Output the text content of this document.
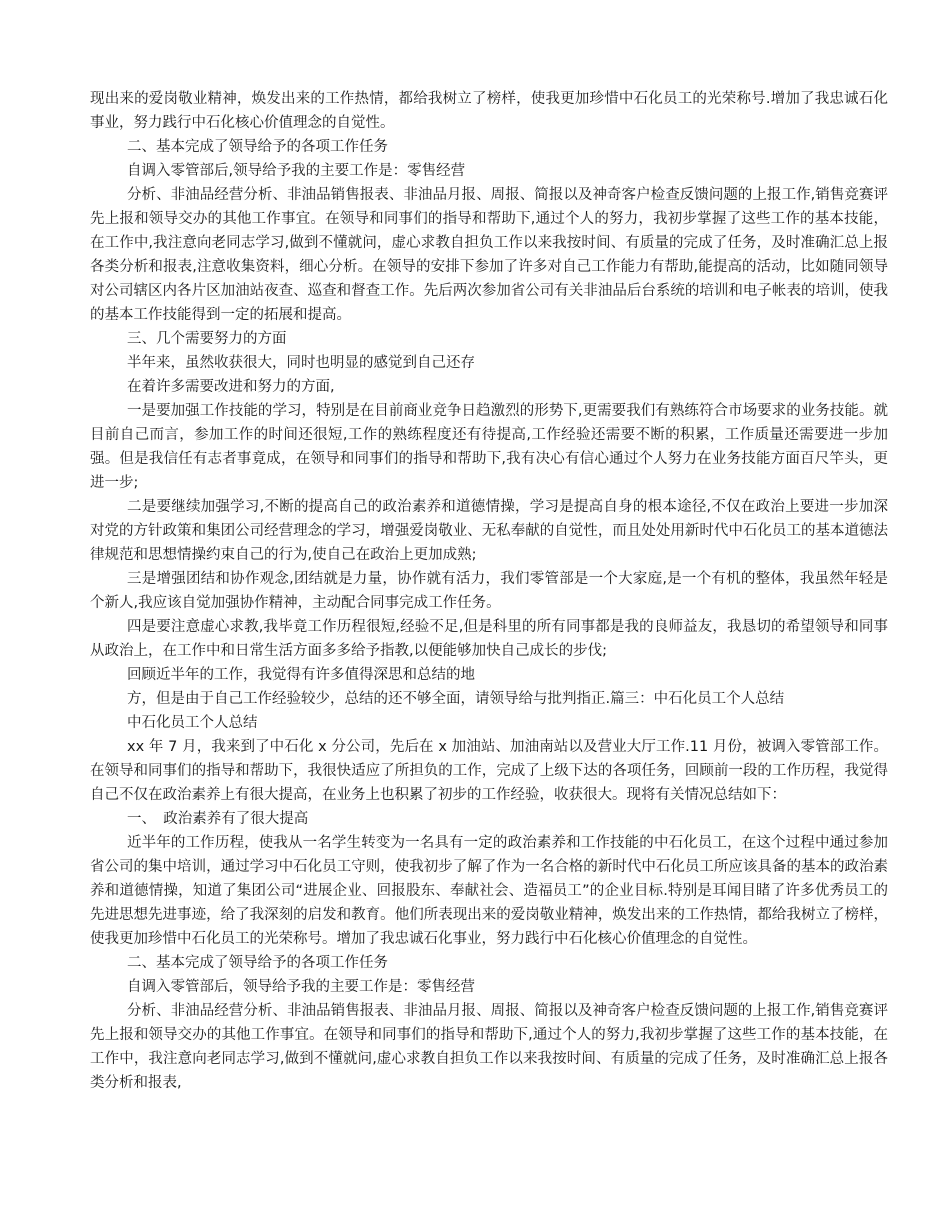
现出来的爱岗敬业精神，焕发出来的工作热情，都给我树立了榜样，使我更加珍惜中石化员工的光荣称号.增加了我忠诚石化事业，努力践行中石化核心价值理念的自觉性。

二、基本完成了领导给予的各项工作任务

自调入零管部后,领导给予我的主要工作是：零售经营

分析、非油品经营分析、非油品销售报表、非油品月报、周报、简报以及神奇客户检查反馈问题的上报工作,销售竞赛评先上报和领导交办的其他工作事宜。在领导和同事们的指导和帮助下,通过个人的努力，我初步掌握了这些工作的基本技能，在工作中,我注意向老同志学习,做到不懂就问，虚心求教自担负工作以来我按时间、有质量的完成了任务，及时准确汇总上报各类分析和报表,注意收集资料，细心分析。在领导的安排下参加了许多对自己工作能力有帮助,能提高的活动，比如随同领导对公司辖区内各片区加油站夜查、巡查和督查工作。先后两次参加省公司有关非油品后台系统的培训和电子帐表的培训，使我的基本工作技能得到一定的拓展和提高。

三、几个需要努力的方面

半年来，虽然收获很大，同时也明显的感觉到自己还存

在着许多需要改进和努力的方面,

一是要加强工作技能的学习，特别是在目前商业竞争日趋激烈的形势下,更需要我们有熟练符合市场要求的业务技能。就目前自己而言，参加工作的时间还很短,工作的熟练程度还有待提高,工作经验还需要不断的积累，工作质量还需要进一步加强。但是我信任有志者事竟成，在领导和同事们的指导和帮助下,我有决心有信心通过个人努力在业务技能方面百尺竿头，更进一步;

二是要继续加强学习,不断的提高自己的政治素养和道德情操，学习是提高自身的根本途径,不仅在政治上要进一步加深对党的方针政策和集团公司经营理念的学习，增强爱岗敬业、无私奉献的自觉性，而且处处用新时代中石化员工的基本道德法律规范和思想情操约束自己的行为,使自己在政治上更加成熟;

三是增强团结和协作观念,团结就是力量，协作就有活力，我们零管部是一个大家庭,是一个有机的整体，我虽然年轻是个新人,我应该自觉加强协作精神，主动配合同事完成工作任务。

四是要注意虚心求教,我毕竟工作历程很短,经验不足,但是科里的所有同事都是我的良师益友，我恳切的希望领导和同事从政治上，在工作中和日常生活方面多多给予指教,以便能够加快自己成长的步伐;

回顾近半年的工作，我觉得有许多值得深思和总结的地

方，但是由于自己工作经验较少，总结的还不够全面，请领导给与批判指正.篇三：中石化员工个人总结

中石化员工个人总结

xx 年 7 月，我来到了中石化 x 分公司，先后在 x 加油站、加油南站以及营业大厅工作.11 月份，被调入零管部工作。在领导和同事们的指导和帮助下，我很快适应了所担负的工作，完成了上级下达的各项任务，回顾前一段的工作历程，我觉得自己不仅在政治素养上有很大提高，在业务上也积累了初步的工作经验，收获很大。现将有关情况总结如下：

一、　政治素养有了很大提高

近半年的工作历程，使我从一名学生转变为一名具有一定的政治素养和工作技能的中石化员工，在这个过程中通过参加省公司的集中培训，通过学习中石化员工守则，使我初步了解了作为一名合格的新时代中石化员工所应该具备的基本的政治素养和道德情操，知道了集团公司“进展企业、回报股东、奉献社会、造福员工”的企业目标.特别是耳闻目睹了许多优秀员工的先进思想先进事迹，给了我深刻的启发和教育。他们所表现出来的爱岗敬业精神，焕发出来的工作热情，都给我树立了榜样，使我更加珍惜中石化员工的光荣称号。增加了我忠诚石化事业，努力践行中石化核心价值理念的自觉性。

二、基本完成了领导给予的各项工作任务

自调入零管部后，领导给予我的主要工作是：零售经营

分析、非油品经营分析、非油品销售报表、非油品月报、周报、简报以及神奇客户检查反馈问题的上报工作,销售竞赛评先上报和领导交办的其他工作事宜。在领导和同事们的指导和帮助下,通过个人的努力,我初步掌握了这些工作的基本技能，在工作中，我注意向老同志学习,做到不懂就问,虚心求教自担负工作以来我按时间、有质量的完成了任务，及时准确汇总上报各类分析和报表,
